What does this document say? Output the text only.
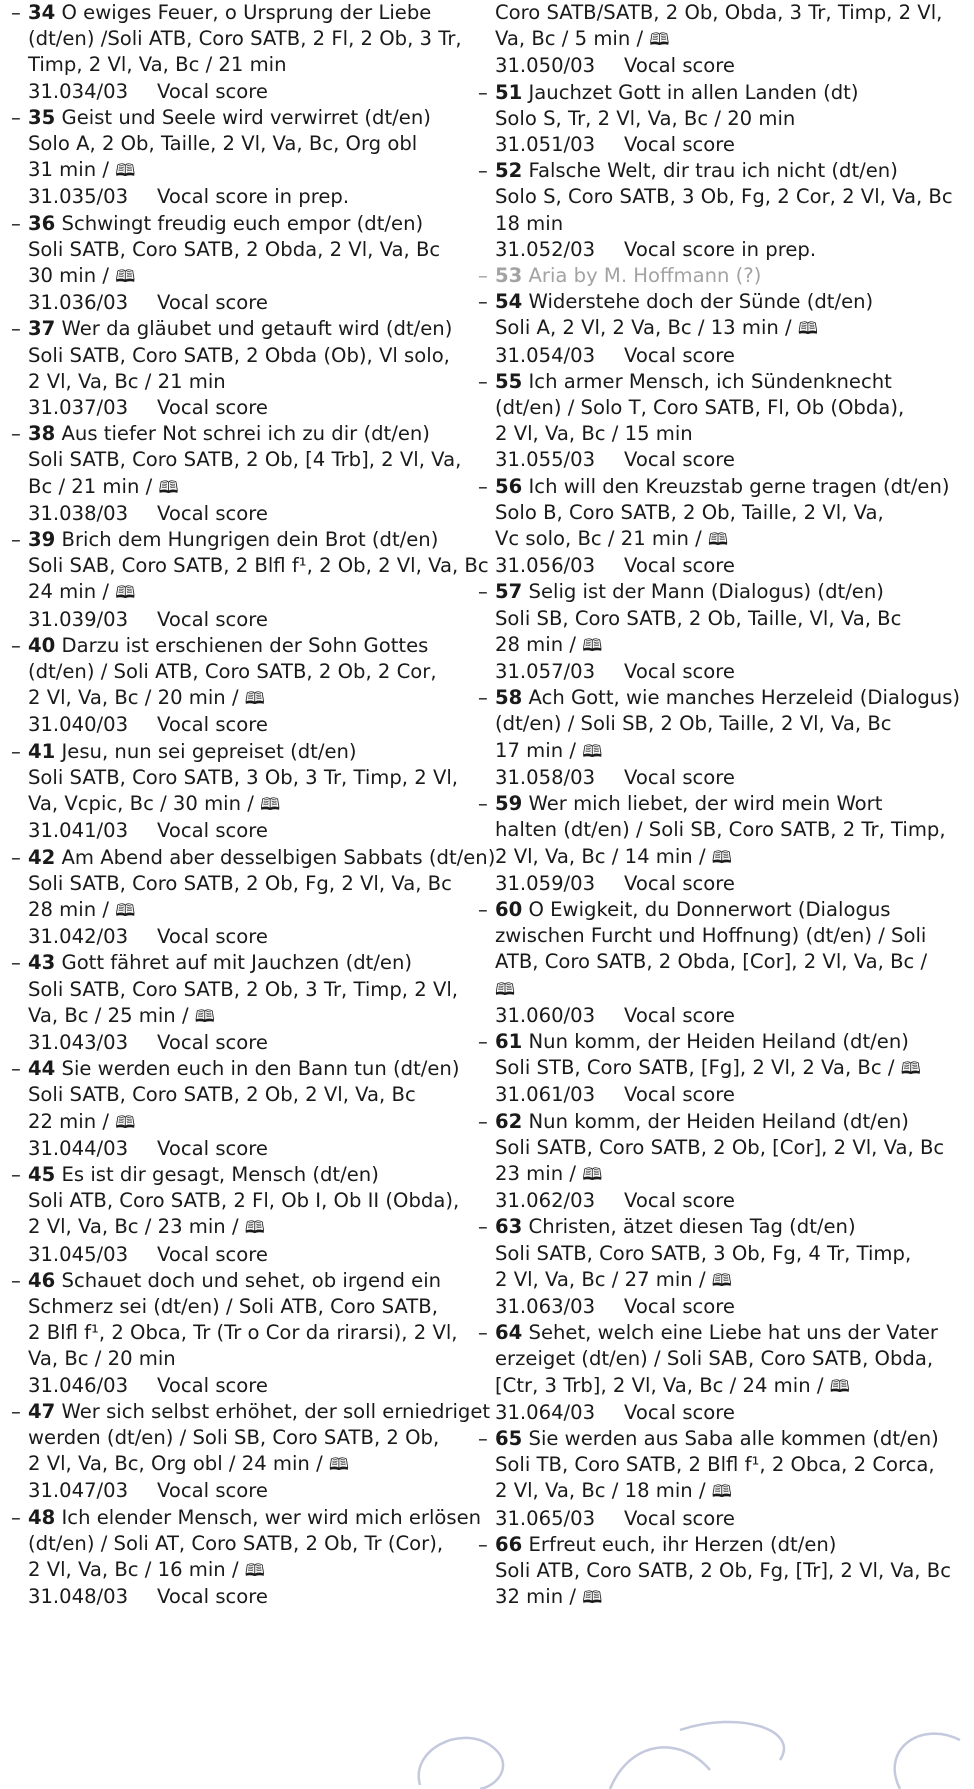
– 34 O ewiges Feuer, o Ursprung der Liebe
(dt/en) /Soli ATB, Coro SATB, 2 Fl, 2 Ob, 3 Tr,
Timp, 2 Vl, Va, Bc / 21 min
31.034/03 Vocal score
– 35 Geist und Seele wird verwirret (dt/en)
Solo A, 2 Ob, Taille, 2 Vl, Va, Bc, Org obl
31 min / 🕮
31.035/03 Vocal score in prep.
– 36 Schwingt freudig euch empor (dt/en)
Soli SATB, Coro SATB, 2 Obda, 2 Vl, Va, Bc
30 min / 🕮
31.036/03 Vocal score
– 37 Wer da gläubet und getauft wird (dt/en)
Soli SATB, Coro SATB, 2 Obda (Ob), Vl solo,
2 Vl, Va, Bc / 21 min
31.037/03 Vocal score
– 38 Aus tiefer Not schrei ich zu dir (dt/en)
Soli SATB, Coro SATB, 2 Ob, [4 Trb], 2 Vl, Va,
Bc / 21 min / 🕮
31.038/03 Vocal score
– 39 Brich dem Hungrigen dein Brot (dt/en)
Soli SAB, Coro SATB, 2 Blfl f¹, 2 Ob, 2 Vl, Va, Bc
24 min / 🕮
31.039/03 Vocal score
– 40 Darzu ist erschienen der Sohn Gottes
(dt/en) / Soli ATB, Coro SATB, 2 Ob, 2 Cor,
2 Vl, Va, Bc / 20 min / 🕮
31.040/03 Vocal score
– 41 Jesu, nun sei gepreiset (dt/en)
Soli SATB, Coro SATB, 3 Ob, 3 Tr, Timp, 2 Vl,
Va, Vcpic, Bc / 30 min / 🕮
31.041/03 Vocal score
– 42 Am Abend aber desselbigen Sabbats (dt/en)
Soli SATB, Coro SATB, 2 Ob, Fg, 2 Vl, Va, Bc
28 min / 🕮
31.042/03 Vocal score
– 43 Gott fähret auf mit Jauchzen (dt/en)
Soli SATB, Coro SATB, 2 Ob, 3 Tr, Timp, 2 Vl,
Va, Bc / 25 min / 🕮
31.043/03 Vocal score
– 44 Sie werden euch in den Bann tun (dt/en)
Soli SATB, Coro SATB, 2 Ob, 2 Vl, Va, Bc
22 min / 🕮
31.044/03 Vocal score
– 45 Es ist dir gesagt, Mensch (dt/en)
Soli ATB, Coro SATB, 2 Fl, Ob I, Ob II (Obda),
2 Vl, Va, Bc / 23 min / 🕮
31.045/03 Vocal score
– 46 Schauet doch und sehet, ob irgend ein
Schmerz sei (dt/en) / Soli ATB, Coro SATB,
2 Blfl f¹, 2 Obca, Tr (Tr o Cor da rirarsi), 2 Vl,
Va, Bc / 20 min
31.046/03 Vocal score
– 47 Wer sich selbst erhöhet, der soll erniedriget
werden (dt/en) / Soli SB, Coro SATB, 2 Ob,
2 Vl, Va, Bc, Org obl / 24 min / 🕮
31.047/03 Vocal score
– 48 Ich elender Mensch, wer wird mich erlösen
(dt/en) / Soli AT, Coro SATB, 2 Ob, Tr (Cor),
2 Vl, Va, Bc / 16 min / 🕮
31.048/03 Vocal score
Coro SATB/SATB, 2 Ob, Obda, 3 Tr, Timp, 2 Vl,
Va, Bc / 5 min / 🕮
31.050/03 Vocal score
– 51 Jauchzet Gott in allen Landen (dt)
Solo S, Tr, 2 Vl, Va, Bc / 20 min
31.051/03 Vocal score
– 52 Falsche Welt, dir trau ich nicht (dt/en)
Solo S, Coro SATB, 3 Ob, Fg, 2 Cor, 2 Vl, Va, Bc
18 min
31.052/03 Vocal score in prep.
– 53 Aria by M. Hoffmann (?)
– 54 Widerstehe doch der Sünde (dt/en)
Soli A, 2 Vl, 2 Va, Bc / 13 min / 🕮
31.054/03 Vocal score
– 55 Ich armer Mensch, ich Sündenknecht
(dt/en) / Solo T, Coro SATB, Fl, Ob (Obda),
2 Vl, Va, Bc / 15 min
31.055/03 Vocal score
– 56 Ich will den Kreuzstab gerne tragen (dt/en)
Solo B, Coro SATB, 2 Ob, Taille, 2 Vl, Va,
Vc solo, Bc / 21 min / 🕮
31.056/03 Vocal score
– 57 Selig ist der Mann (Dialogus) (dt/en)
Soli SB, Coro SATB, 2 Ob, Taille, Vl, Va, Bc
28 min / 🕮
31.057/03 Vocal score
– 58 Ach Gott, wie manches Herzeleid (Dialogus)
(dt/en) / Soli SB, 2 Ob, Taille, 2 Vl, Va, Bc
17 min / 🕮
31.058/03 Vocal score
– 59 Wer mich liebet, der wird mein Wort
halten (dt/en) / Soli SB, Coro SATB, 2 Tr, Timp,
2 Vl, Va, Bc / 14 min / 🕮
31.059/03 Vocal score
– 60 O Ewigkeit, du Donnerwort (Dialogus
zwischen Furcht und Hoffnung) (dt/en) / Soli
ATB, Coro SATB, 2 Obda, [Cor], 2 Vl, Va, Bc /
🕮
31.060/03 Vocal score
– 61 Nun komm, der Heiden Heiland (dt/en)
Soli STB, Coro SATB, [Fg], 2 Vl, 2 Va, Bc / 🕮
31.061/03 Vocal score
– 62 Nun komm, der Heiden Heiland (dt/en)
Soli SATB, Coro SATB, 2 Ob, [Cor], 2 Vl, Va, Bc
23 min / 🕮
31.062/03 Vocal score
– 63 Christen, ätzet diesen Tag (dt/en)
Soli SATB, Coro SATB, 3 Ob, Fg, 4 Tr, Timp,
2 Vl, Va, Bc / 27 min / 🕮
31.063/03 Vocal score
– 64 Sehet, welch eine Liebe hat uns der Vater
erzeiget (dt/en) / Soli SAB, Coro SATB, Obda,
[Ctr, 3 Trb], 2 Vl, Va, Bc / 24 min / 🕮
31.064/03 Vocal score
– 65 Sie werden aus Saba alle kommen (dt/en)
Soli TB, Coro SATB, 2 Blfl f¹, 2 Obca, 2 Corca,
2 Vl, Va, Bc / 18 min / 🕮
31.065/03 Vocal score
– 66 Erfreut euch, ihr Herzen (dt/en)
Soli ATB, Coro SATB, 2 Ob, Fg, [Tr], 2 Vl, Va, Bc
32 min / 🕮
